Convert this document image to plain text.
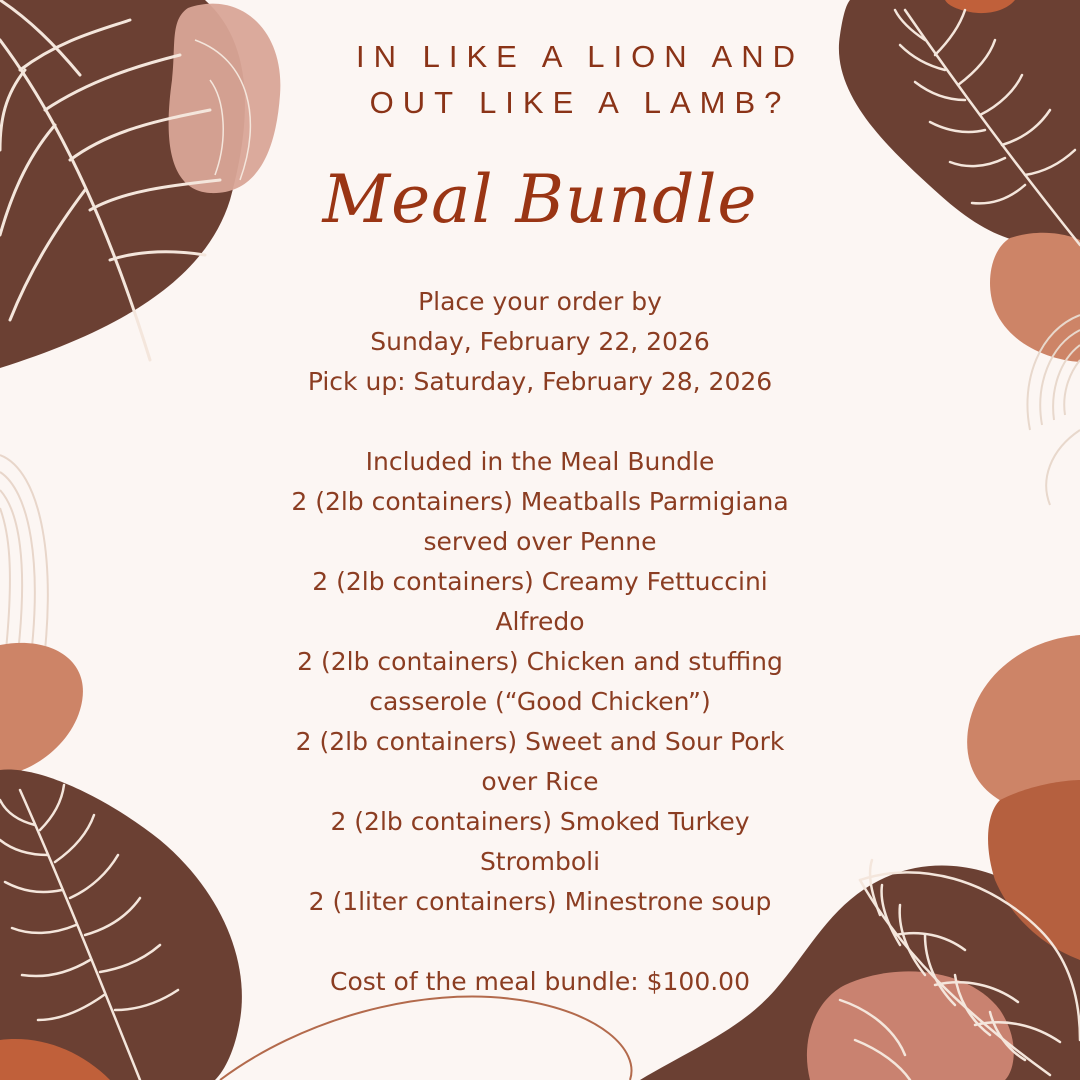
IN LIKE A LION AND
OUT LIKE A LAMB?
Meal Bundle
Place your order by
Sunday, February 22, 2026
Pick up: Saturday, February 28, 2026
Included in the Meal Bundle
2 (2lb containers) Meatballs Parmigiana
served over Penne
2 (2lb containers) Creamy Fettuccini
Alfredo
2 (2lb containers) Chicken and stuffing
casserole (“Good Chicken”)
2 (2lb containers) Sweet and Sour Pork
over Rice
2 (2lb containers) Smoked Turkey
Stromboli
2 (1liter containers) Minestrone soup
Cost of the meal bundle: $100.00
